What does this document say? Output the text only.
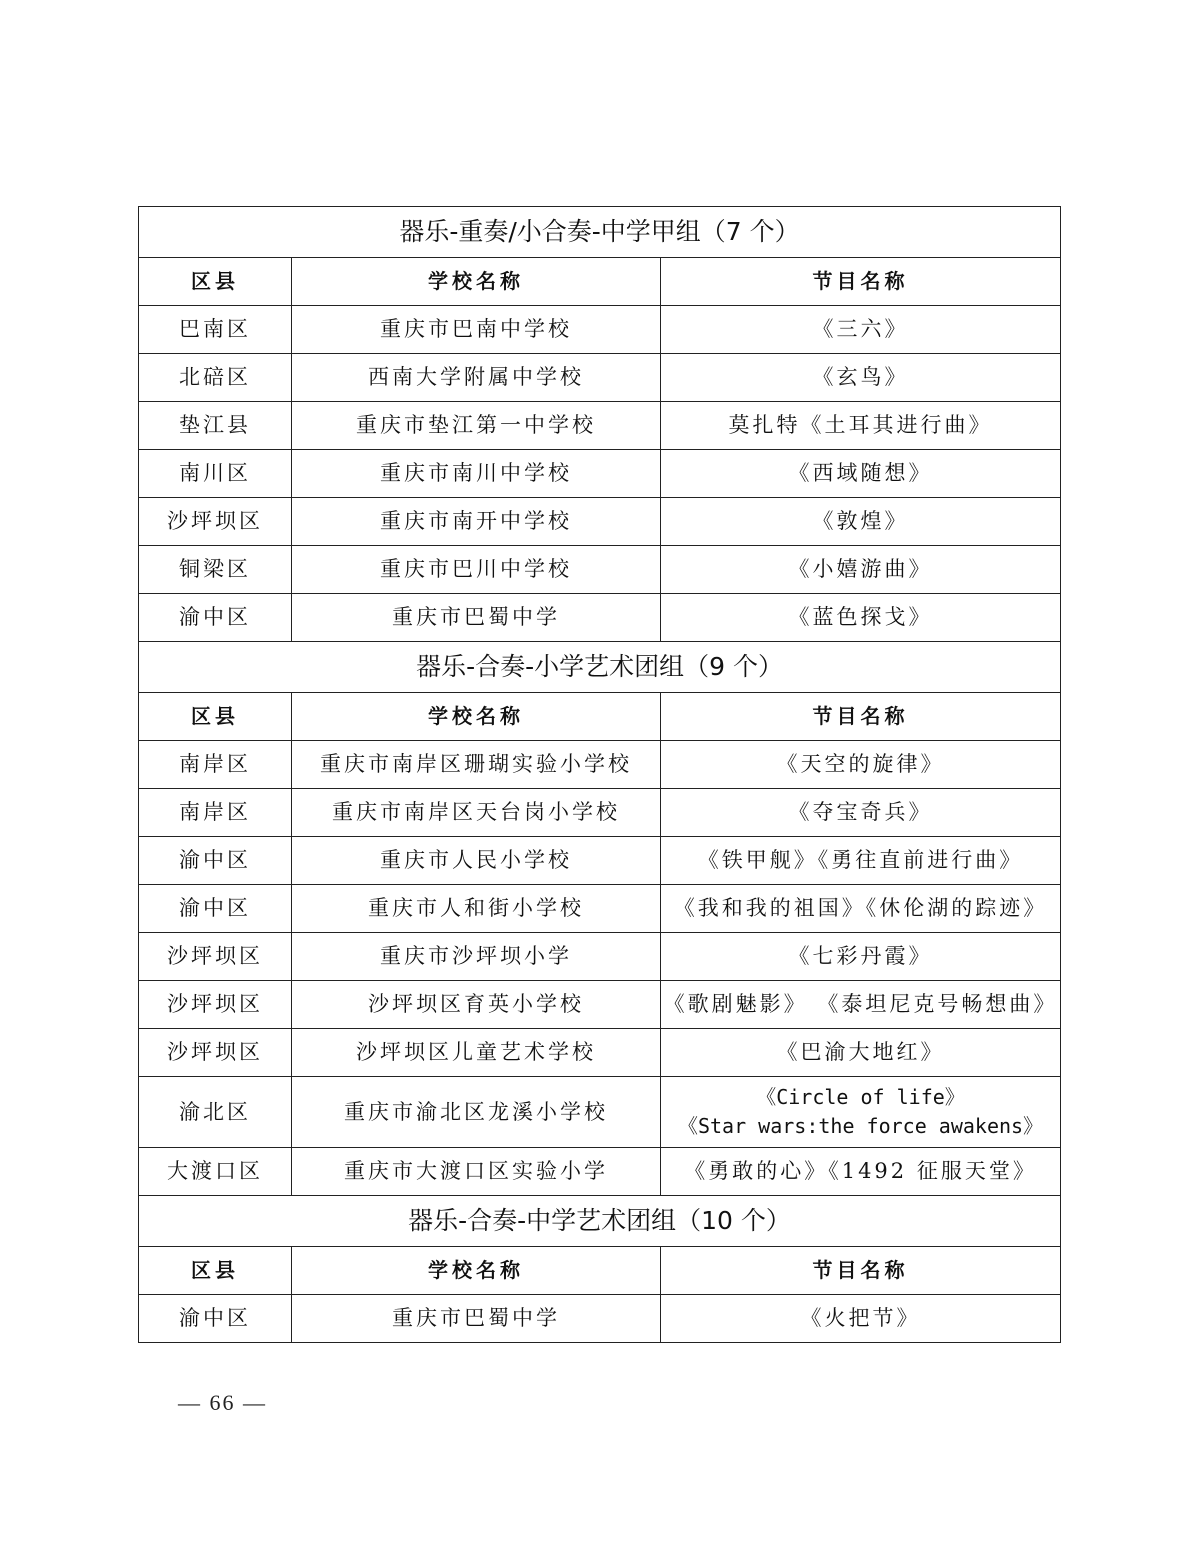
器乐-重奏/小合奏-中学甲组（7 个）		
区县	学校名称	节目名称
巴南区	重庆市巴南中学校	《三六》

北碚区	西南大学附属中学校	《玄鸟》

垫江县	重庆市垫江第一中学校	莫扎特《土耳其进行曲》

南川区	重庆市南川中学校	《西域随想》

沙坪坝区	重庆市南开中学校	《敦煌》

铜梁区	重庆市巴川中学校	《小嬉游曲》

渝中区	重庆市巴蜀中学	《蓝色探戈》

器乐-合奏-小学艺术团组（9 个）		
区县	学校名称	节目名称
南岸区	重庆市南岸区珊瑚实验小学校	《天空的旋律》

南岸区	重庆市南岸区天台岗小学校	《夺宝奇兵》

渝中区	重庆市人民小学校	《铁甲舰》《勇往直前进行曲》

渝中区	重庆市人和街小学校	《我和我的祖国》《休伦湖的踪迹》

沙坪坝区	重庆市沙坪坝小学	《七彩丹霞》

沙坪坝区	沙坪坝区育英小学校	《歌剧魅影》 《泰坦尼克号畅想曲》

沙坪坝区	沙坪坝区儿童艺术学校	《巴渝大地红》

渝北区	重庆市渝北区龙溪小学校	《Circle of life》
《Star wars:the force awakens》

大渡口区	重庆市大渡口区实验小学	《勇敢的心》《1492 征服天堂》

器乐-合奏-中学艺术团组（10 个）		
区县	学校名称	节目名称
渝中区	重庆市巴蜀中学	《火把节》
— 66 —
